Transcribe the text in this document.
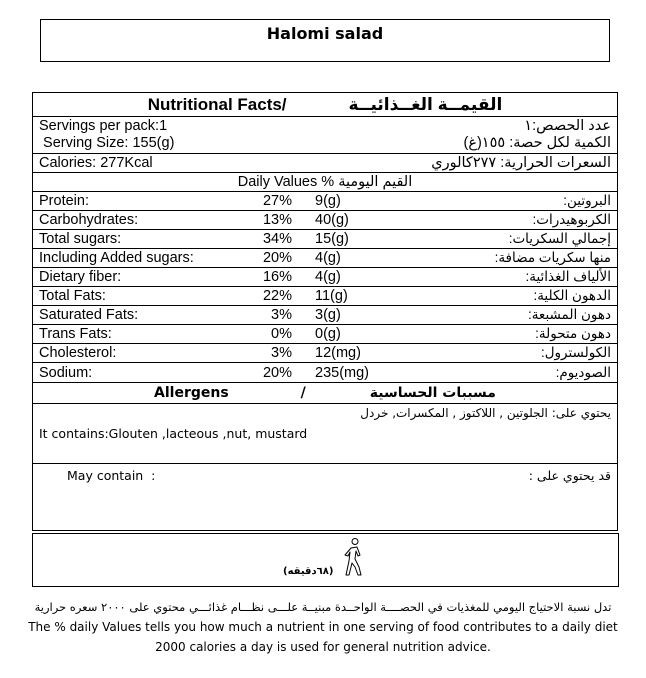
Halomi salad
Nutritional Facts/	القيمــة الغــذائيــة
Servings per pack:1	عدد الحصص:١
Serving Size: 155(g)	الكمية لكل حصة: ١٥٥(غ)
Calories: 277Kcal	السعرات الحرارية: ٢٧٧كالوري
Daily Values % القيم اليومية
Protein:	27% 9(g)	البروتين:
Carbohydrates:	13% 40(g)	الكربوهيدرات:
Total sugars:	34% 15(g)	إجمالي السكريات:
Including Added sugars:	20% 4(g)	منها سكريات مضافة:
Dietary fiber:	16% 4(g)	الألياف الغذائية:
Total Fats:	22% 11(g)	الدهون الكلية:
Saturated Fats:	3% 3(g)	دهون المشبعة:
Trans Fats:	0% 0(g)	دهون متحولة:
Cholesterol:	3% 12(mg)	الكولسترول:
Sodium:	20% 235(mg)	الصوديوم:
Allergens	/	مسببات الحساسية
يحتوي على: الجلوتين , اللاكتوز , المكسرات, خردل
It contains:Glouten ,lacteous ,nut, mustard
May contain  :	قد يحتوي على :
(٦٨دقيقه)
تدل نسبة الاحتياج اليومي للمغذيات في الحصــــة الواحــدة مبنيــة علـــى نظـــام غذائـــي محتوي على ٢٠٠٠ سعره حرارية
The % daily Values tells you how much a nutrient in one serving of food contributes to a daily diet
2000 calories a day is used for general nutrition advice.
